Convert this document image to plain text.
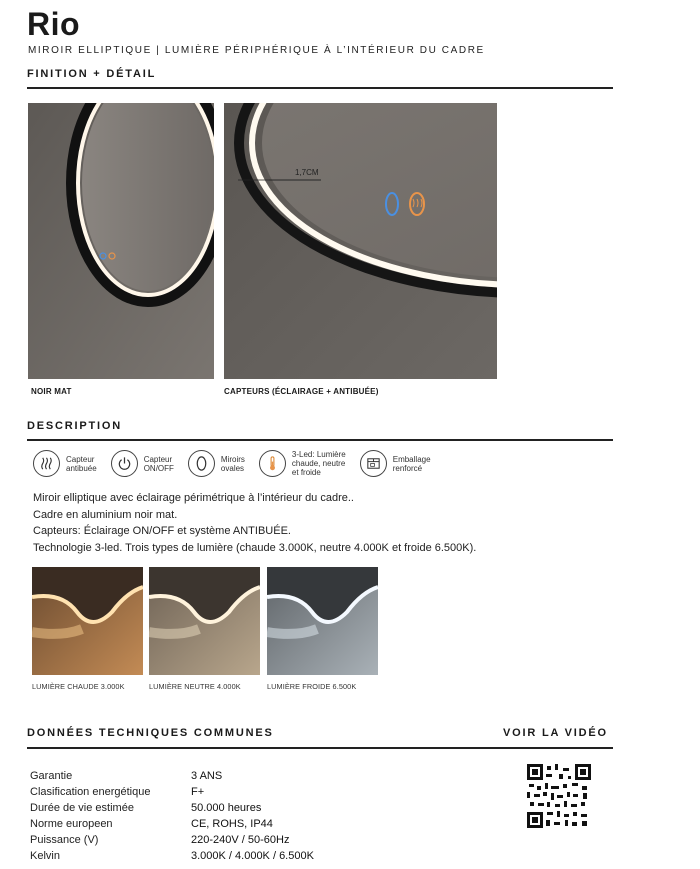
Rio
MIROIR ELLIPTIQUE | LUMIÈRE PÉRIPHÉRIQUE À L’INTÉRIEUR DU CADRE
FINITION + DÉTAIL
NOIR MAT
1,7CM
CAPTEURS (ÉCLAIRAGE + ANTIBUÉE)
DESCRIPTION
Capteur
antibuée
Capteur
ON/OFF
Miroirs
ovales
3-Led: Lumière
chaude, neutre
et froide
Emballage
renforcé
Miroir elliptique avec éclairage périmétrique à l’intérieur du cadre..
Cadre en aluminium noir mat.
Capteurs: Éclairage ON/OFF et système ANTIBUÉE.
Technologie 3-led. Trois types de lumière (chaude 3.000K, neutre 4.000K et froide 6.500K).
LUMIÈRE CHAUDE 3.000K	LUMIÈRE NEUTRE 4.000K	LUMIÈRE FROIDE 6.500K
DONNÉES TECHNIQUES COMMUNES	VOIR LA VIDÉO
Garantie	3 ANS
Clasification energétique	F+
Durée de vie estimée	50.000 heures
Norme europeen	CE, ROHS, IP44
Puissance (V)	220-240V / 50-60Hz
Kelvin	3.000K / 4.000K / 6.500K
